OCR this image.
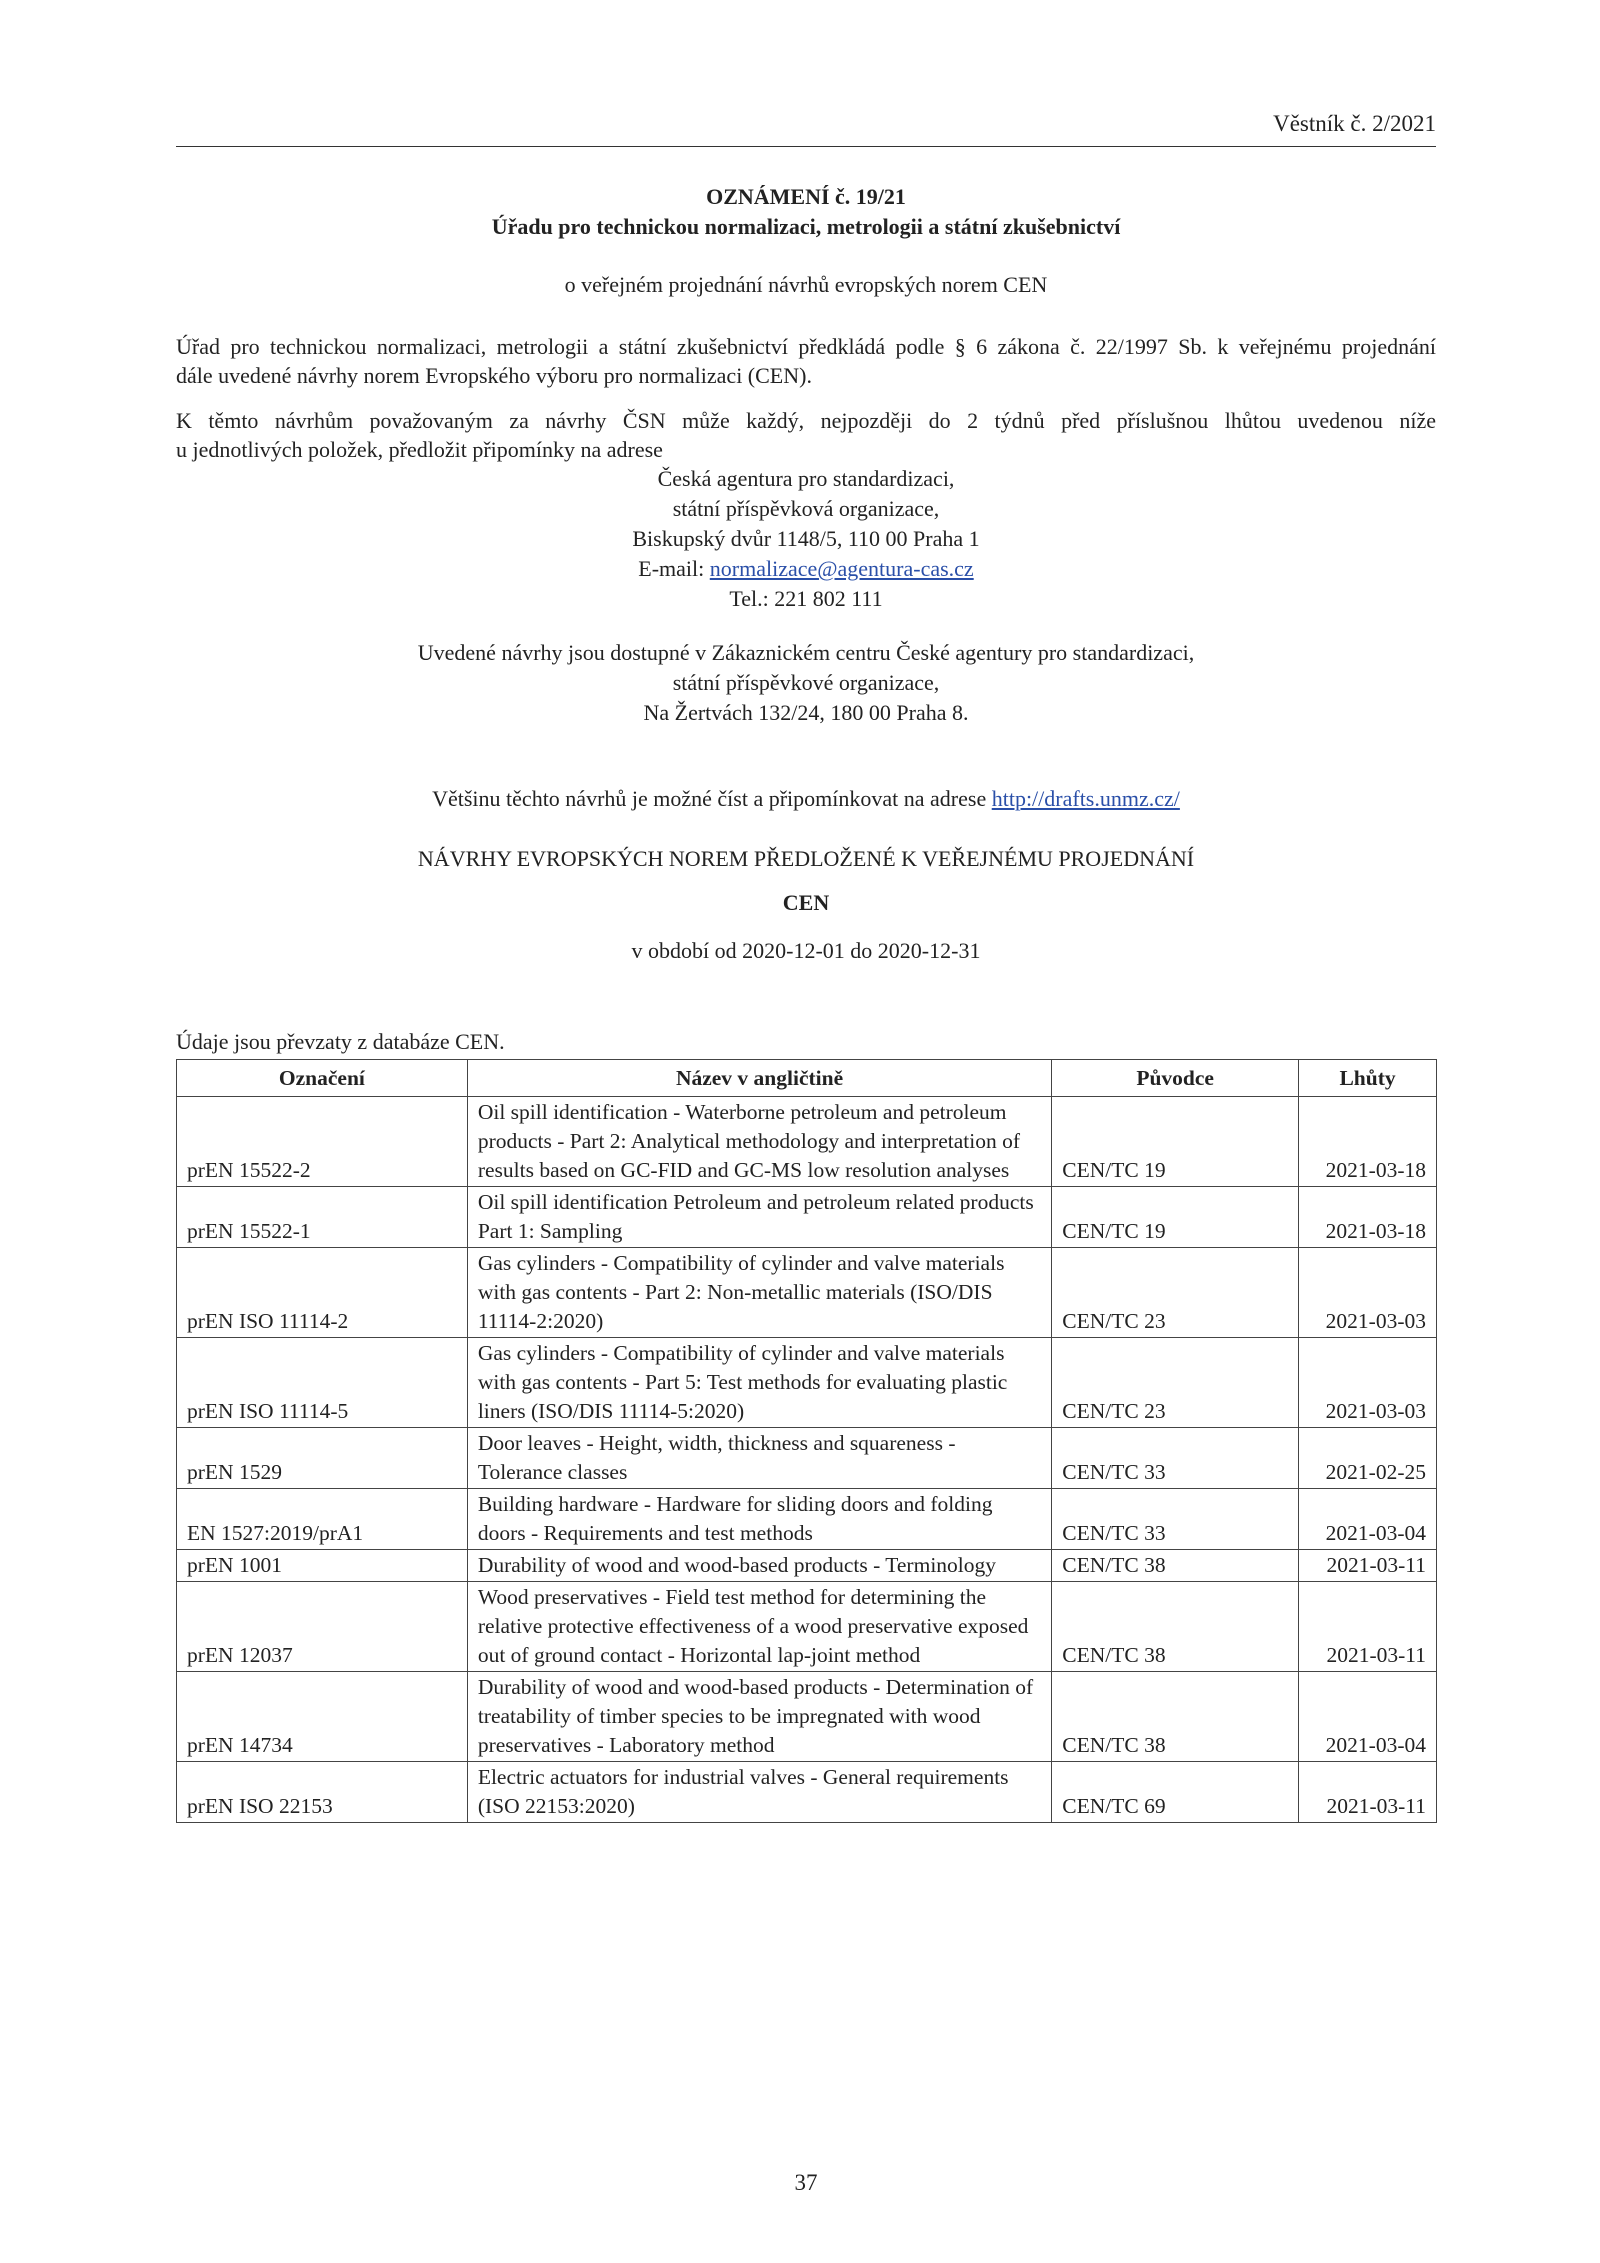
Věstník č. 2/2021
OZNÁMENÍ č. 19/21
Úřadu pro technickou normalizaci, metrologii a státní zkušebnictví
o veřejném projednání návrhů evropských norem CEN
Úřad pro technickou normalizaci, metrologii a státní zkušebnictví předkládá podle § 6 zákona č. 22/1997 Sb. k veřejnému projednání
dále uvedené návrhy norem Evropského výboru pro normalizaci (CEN).
K těmto návrhům považovaným za návrhy ČSN může každý, nejpozději do 2 týdnů před příslušnou lhůtou uvedenou níže
u jednotlivých položek, předložit připomínky na adrese
Česká agentura pro standardizaci,
státní příspěvková organizace,
Biskupský dvůr 1148/5, 110 00 Praha 1
E-mail: normalizace@agentura-cas.cz
Tel.: 221 802 111
Uvedené návrhy jsou dostupné v Zákaznickém centru České agentury pro standardizaci,
státní příspěvkové organizace,
Na Žertvách 132/24, 180 00 Praha 8.
Většinu těchto návrhů je možné číst a připomínkovat na adrese http://drafts.unmz.cz/
NÁVRHY EVROPSKÝCH NOREM PŘEDLOŽENÉ K VEŘEJNÉMU PROJEDNÁNÍ
CEN
v období od 2020-12-01 do 2020-12-31
Údaje jsou převzaty z databáze CEN.
Označení	Název v angličtině	Původce	Lhůty
prEN 15522-2	Oil spill identification - Waterborne petroleum and petroleum products - Part 2: Analytical methodology and interpretation of results based on GC-FID and GC-MS low resolution analyses	CEN/TC 19	2021-03-18
prEN 15522-1	Oil spill identification Petroleum and petroleum related products Part 1: Sampling	CEN/TC 19	2021-03-18
prEN ISO 11114-2	Gas cylinders - Compatibility of cylinder and valve materials with gas contents - Part 2: Non-metallic materials (ISO/DIS 11114-2:2020)	CEN/TC 23	2021-03-03
prEN ISO 11114-5	Gas cylinders - Compatibility of cylinder and valve materials with gas contents - Part 5: Test methods for evaluating plastic liners (ISO/DIS 11114-5:2020)	CEN/TC 23	2021-03-03
prEN 1529	Door leaves - Height, width, thickness and squareness - Tolerance classes	CEN/TC 33	2021-02-25
EN 1527:2019/prA1	Building hardware - Hardware for sliding doors and folding doors - Requirements and test methods	CEN/TC 33	2021-03-04
prEN 1001	Durability of wood and wood-based products - Terminology	CEN/TC 38	2021-03-11
prEN 12037	Wood preservatives - Field test method for determining the relative protective effectiveness of a wood preservative exposed out of ground contact - Horizontal lap-joint method	CEN/TC 38	2021-03-11
prEN 14734	Durability of wood and wood-based products - Determination of treatability of timber species to be impregnated with wood preservatives - Laboratory method	CEN/TC 38	2021-03-04
prEN ISO 22153	Electric actuators for industrial valves - General requirements (ISO 22153:2020)	CEN/TC 69	2021-03-11
37
